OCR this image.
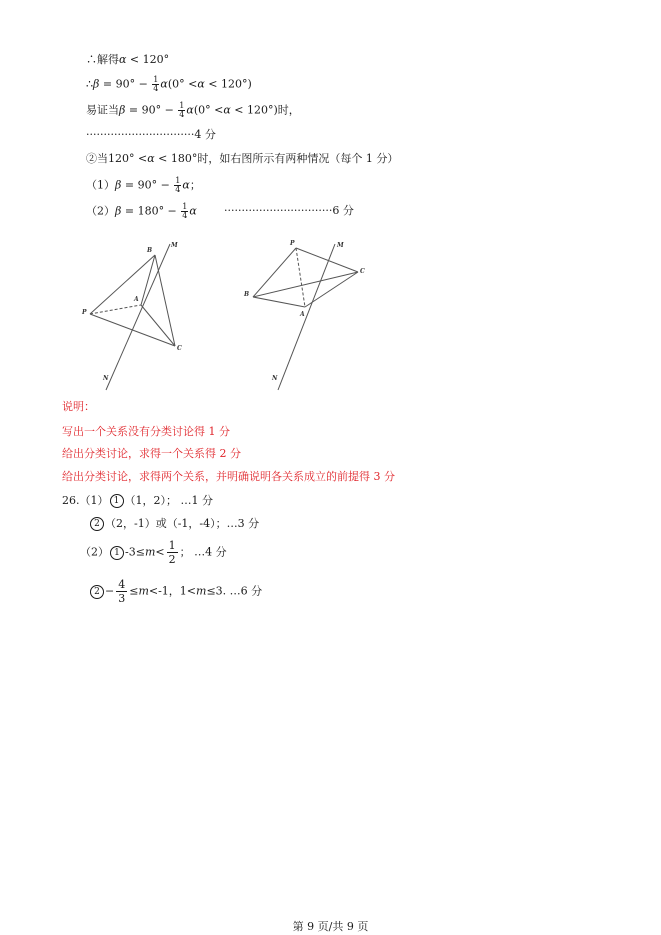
∴解得α < 120°
∴β = $90^\circ - \frac{1}{4} \alpha(0^\circ <\alpha < 120^\circ)$
易证当$\beta = 90^\circ - \frac{1}{4} \alpha(0^\circ <\alpha < 120^\circ)$时，
·······························4 分
②当120° <α < 180°时，如右图所示有两种情况（每个 1 分）
$(1)\beta = 90^\circ - \frac{1}{4}$ α；
$(2)\beta = 180^\circ - \frac{1}{4}$ α ·······························6 分
B
M
A
P
C
N
P	M
C
B
A
N
说明：
写出一个关系没有分类讨论得 1 分
给出分类讨论，求得一个关系得 2 分
给出分类讨论，求得两个关系，并明确说明各关系成立的前提得 3 分
26.（1） 1 （1，2）； …1 分
2 （2，-1）或（-1，-4）；…3 分
（2） 1 $-3\le m< \frac{1}{2}$ ； …4 分
$2 - \frac{4}{3} \le m<-1$，1<m≤3. …6 分
第 9 页/共 9 页
